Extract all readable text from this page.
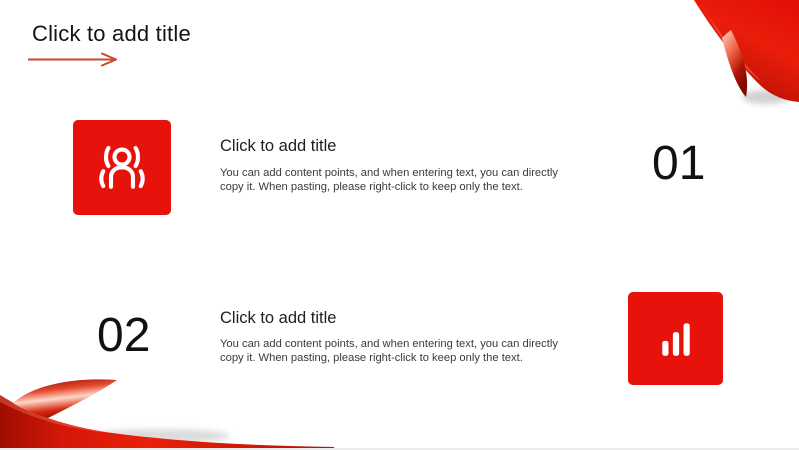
Click to add title
Click to add title
You can add content points, and when entering text, you can directly copy it. When pasting, please right-click to keep only the text.	01
02	Click to add title
You can add content points, and when entering text, you can directly copy it. When pasting, please right-click to keep only the text.
